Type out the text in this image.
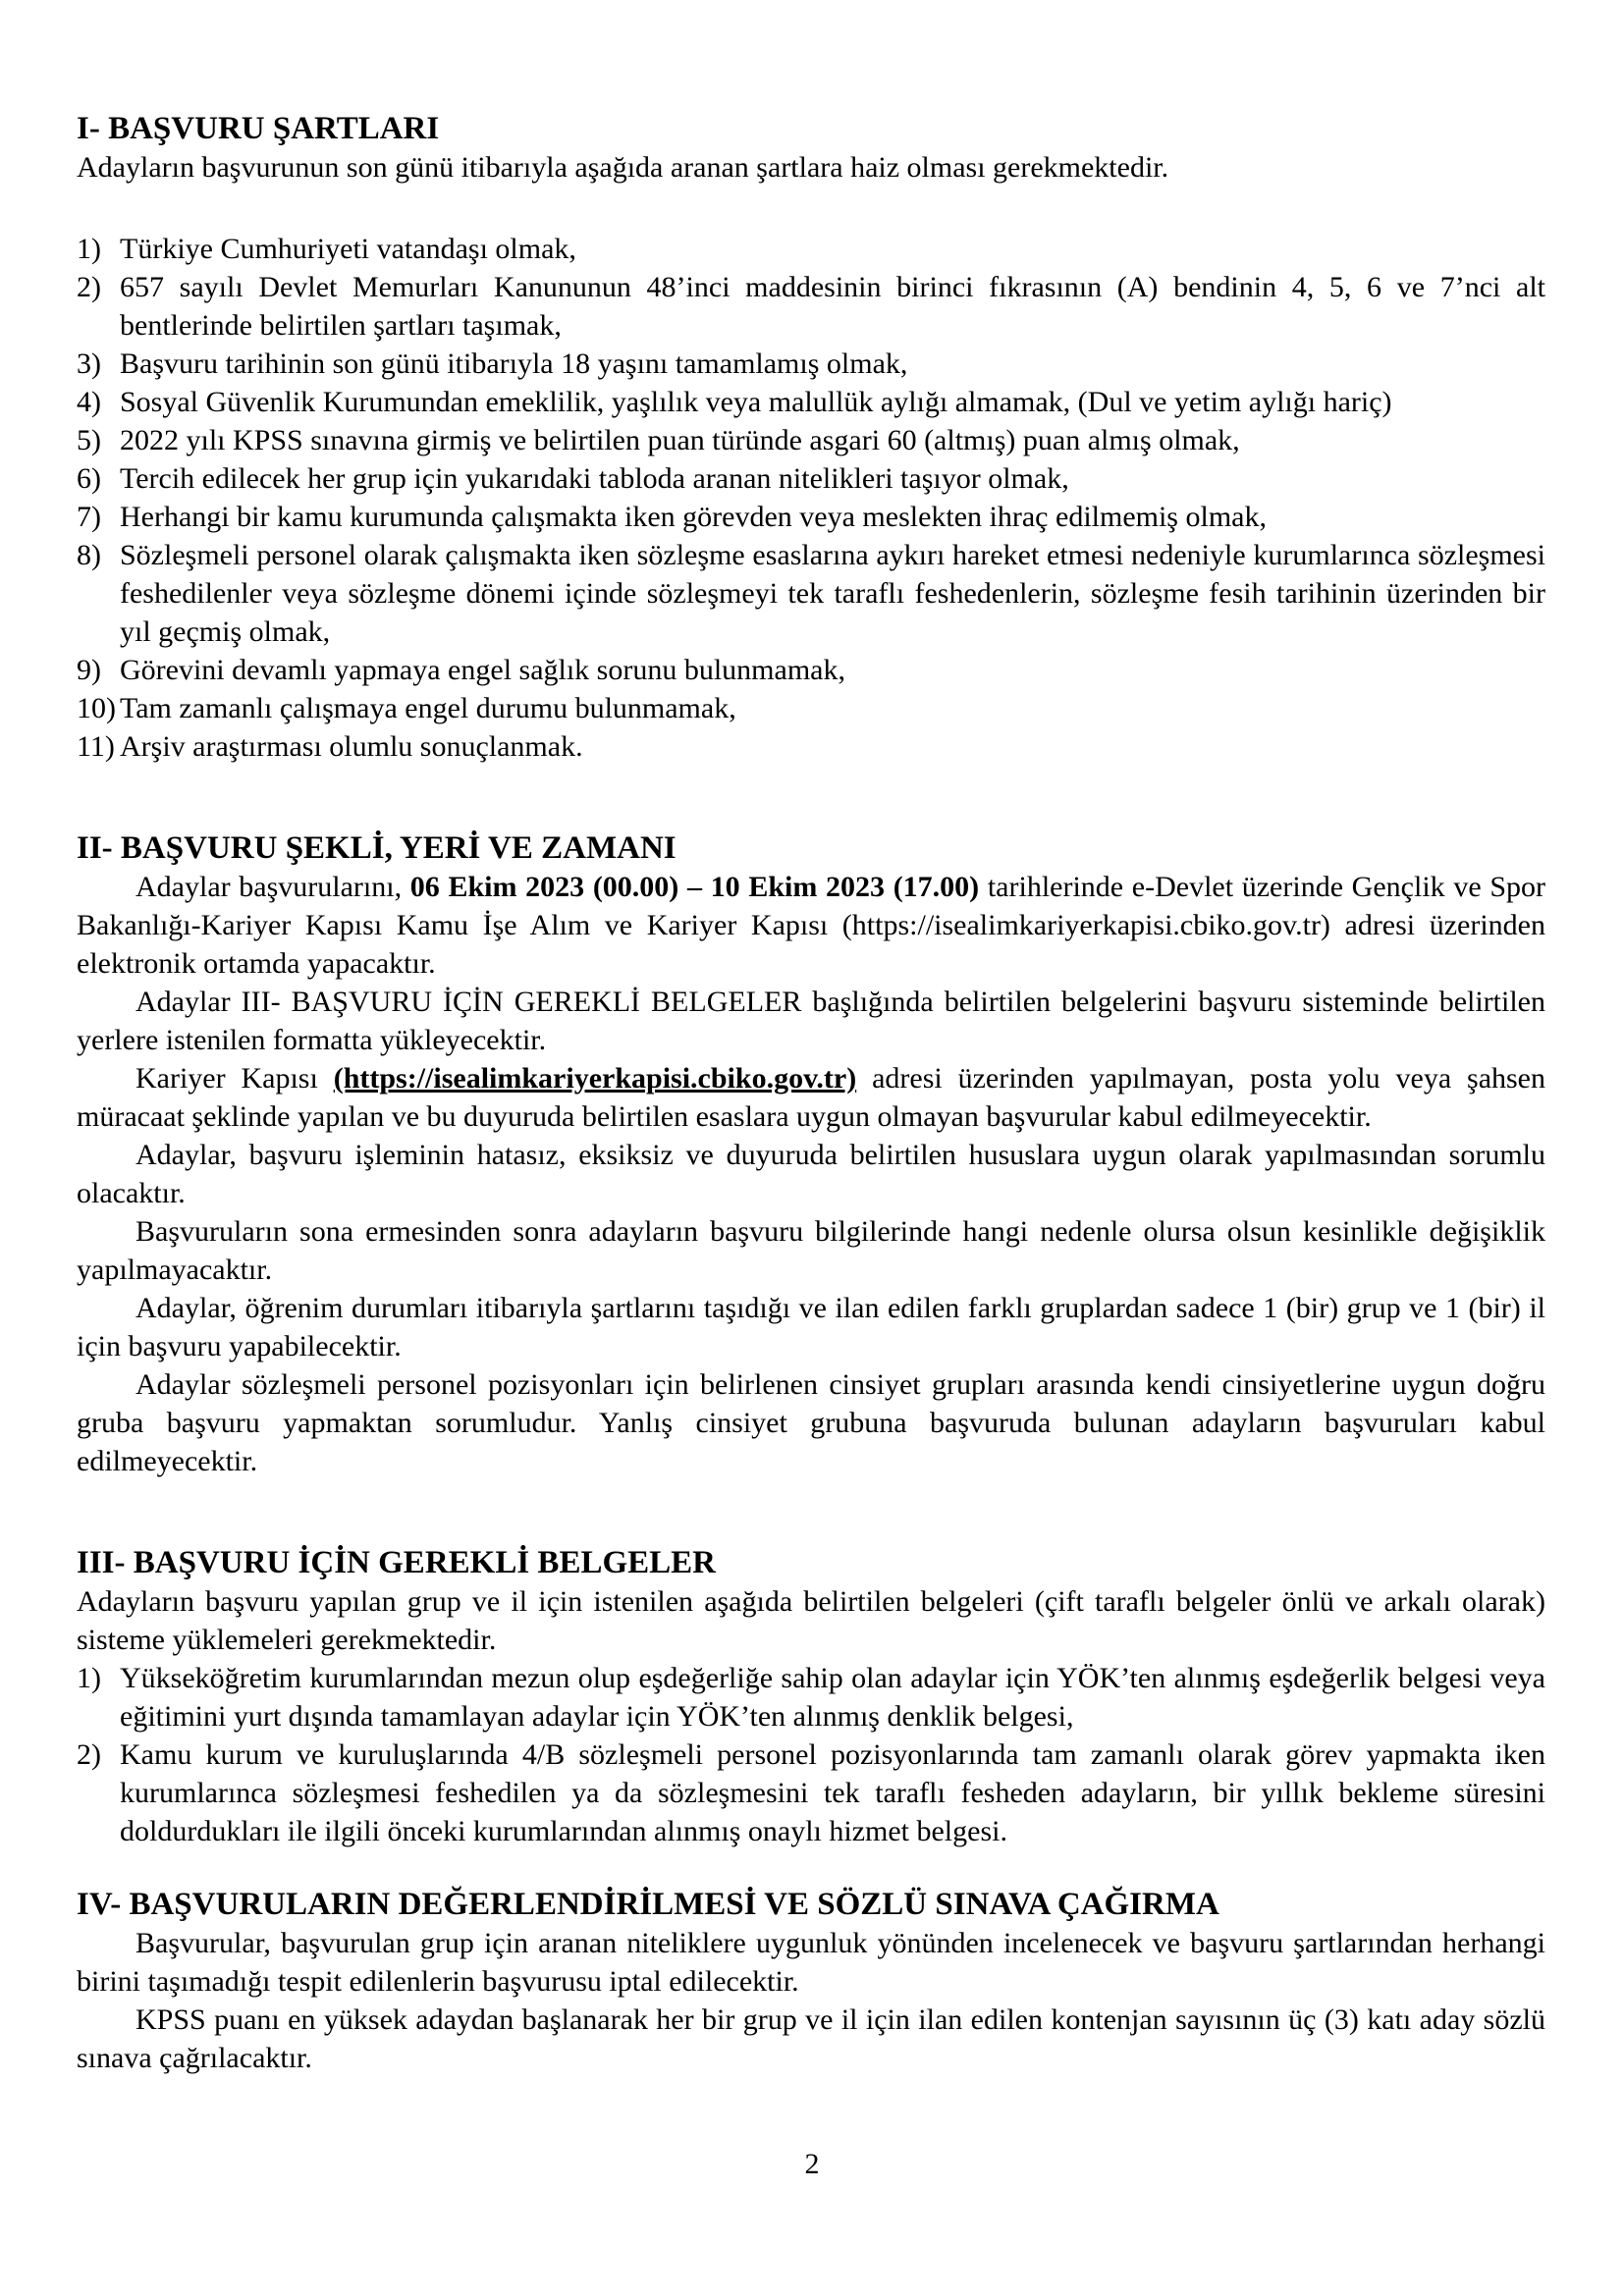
I- BAŞVURU ŞARTLARI

Adayların başvurunun son günü itibarıyla aşağıda aranan şartlara haiz olması gerekmektedir.

1) Türkiye Cumhuriyeti vatandaşı olmak,
2) 657 sayılı Devlet Memurları Kanununun 48’inci maddesinin birinci fıkrasının (A) bendinin 4, 5, 6 ve 7’nci alt bentlerinde belirtilen şartları taşımak,
3) Başvuru tarihinin son günü itibarıyla 18 yaşını tamamlamış olmak,
4) Sosyal Güvenlik Kurumundan emeklilik, yaşlılık veya malullük aylığı almamak, (Dul ve yetim aylığı hariç)
5) 2022 yılı KPSS sınavına girmiş ve belirtilen puan türünde asgari 60 (altmış) puan almış olmak,
6) Tercih edilecek her grup için yukarıdaki tabloda aranan nitelikleri taşıyor olmak,
7) Herhangi bir kamu kurumunda çalışmakta iken görevden veya meslekten ihraç edilmemiş olmak,
8) Sözleşmeli personel olarak çalışmakta iken sözleşme esaslarına aykırı hareket etmesi nedeniyle kurumlarınca sözleşmesi feshedilenler veya sözleşme dönemi içinde sözleşmeyi tek taraflı feshedenlerin, sözleşme fesih tarihinin üzerinden bir yıl geçmiş olmak,
9) Görevini devamlı yapmaya engel sağlık sorunu bulunmamak,
10) Tam zamanlı çalışmaya engel durumu bulunmamak,
11) Arşiv araştırması olumlu sonuçlanmak.
II- BAŞVURU ŞEKLİ, YERİ VE ZAMANI

Adaylar başvurularını, 06 Ekim 2023 (00.00) – 10 Ekim 2023 (17.00) tarihlerinde e-Devlet üzerinde Gençlik ve Spor Bakanlığı-Kariyer Kapısı Kamu İşe Alım ve Kariyer Kapısı (https://isealimkariyerkapisi.cbiko.gov.tr) adresi üzerinden elektronik ortamda yapacaktır.

Adaylar III- BAŞVURU İÇİN GEREKLİ BELGELER başlığında belirtilen belgelerini başvuru sisteminde belirtilen yerlere istenilen formatta yükleyecektir.

Kariyer Kapısı (https://isealimkariyerkapisi.cbiko.gov.tr) adresi üzerinden yapılmayan, posta yolu veya şahsen müracaat şeklinde yapılan ve bu duyuruda belirtilen esaslara uygun olmayan başvurular kabul edilmeyecektir.

Adaylar, başvuru işleminin hatasız, eksiksiz ve duyuruda belirtilen hususlara uygun olarak yapılmasından sorumlu olacaktır.

Başvuruların sona ermesinden sonra adayların başvuru bilgilerinde hangi nedenle olursa olsun kesinlikle değişiklik yapılmayacaktır.

Adaylar, öğrenim durumları itibarıyla şartlarını taşıdığı ve ilan edilen farklı gruplardan sadece 1 (bir) grup ve 1 (bir) il için başvuru yapabilecektir.

Adaylar sözleşmeli personel pozisyonları için belirlenen cinsiyet grupları arasında kendi cinsiyetlerine uygun doğru gruba başvuru yapmaktan sorumludur. Yanlış cinsiyet grubuna başvuruda bulunan adayların başvuruları kabul edilmeyecektir.

III- BAŞVURU İÇİN GEREKLİ BELGELER

Adayların başvuru yapılan grup ve il için istenilen aşağıda belirtilen belgeleri (çift taraflı belgeler önlü ve arkalı olarak) sisteme yüklemeleri gerekmektedir.

1) Yükseköğretim kurumlarından mezun olup eşdeğerliğe sahip olan adaylar için YÖK’ten alınmış eşdeğerlik belgesi veya eğitimini yurt dışında tamamlayan adaylar için YÖK’ten alınmış denklik belgesi,
2) Kamu kurum ve kuruluşlarında 4/B sözleşmeli personel pozisyonlarında tam zamanlı olarak görev yapmakta iken kurumlarınca sözleşmesi feshedilen ya da sözleşmesini tek taraflı fesheden adayların, bir yıllık bekleme süresini doldurdukları ile ilgili önceki kurumlarından alınmış onaylı hizmet belgesi.
IV- BAŞVURULARIN DEĞERLENDİRİLMESİ VE SÖZLÜ SINAVA ÇAĞIRMA

Başvurular, başvurulan grup için aranan niteliklere uygunluk yönünden incelenecek ve başvuru şartlarından herhangi birini taşımadığı tespit edilenlerin başvurusu iptal edilecektir.

KPSS puanı en yüksek adaydan başlanarak her bir grup ve il için ilan edilen kontenjan sayısının üç (3) katı aday sözlü sınava çağrılacaktır.

2
